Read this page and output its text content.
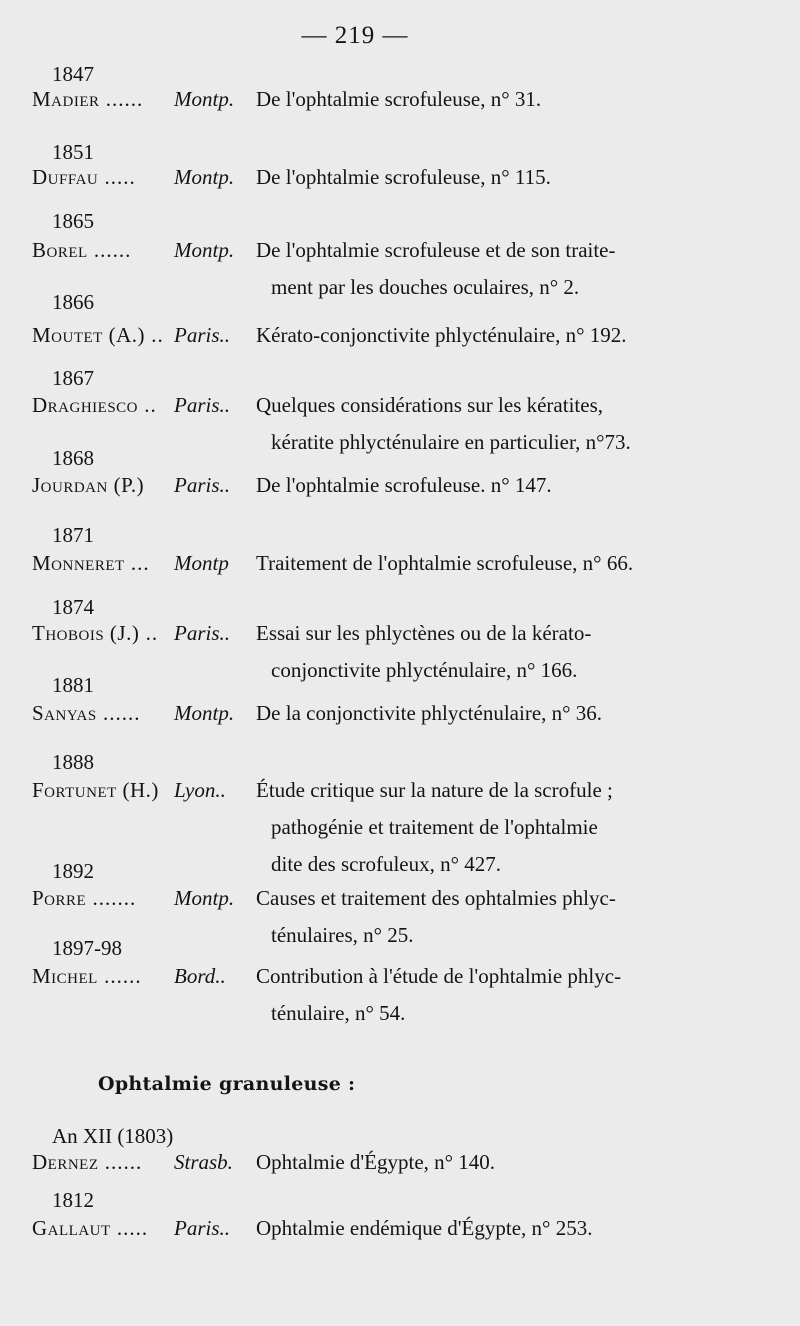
— 219 —
1847
Madier ...... Montp. De l'ophtalmie scrofuleuse, n° 31.
1851
Duffau ..... Montp. De l'ophtalmie scrofuleuse, n° 115.
1865
Borel ...... Montp. De l'ophtalmie scrofuleuse et de son traite-
ment par les douches oculaires, n° 2.
1866
Moutet (A.) .. Paris.. Kérato-conjonctivite phlycténulaire, n° 192.
1867
Draghiesco .. Paris.. Quelques considérations sur les kératites,
kératite phlycténulaire en particulier, n°73.
1868
Jourdan (P.) Paris.. De l'ophtalmie scrofuleuse. n° 147.
1871
Monneret ... Montp Traitement de l'ophtalmie scrofuleuse, n° 66.
1874
Thobois (J.) .. Paris.. Essai sur les phlyctènes ou de la kérato-
conjonctivite phlycténulaire, n° 166.
1881
Sanyas ...... Montp. De la conjonctivite phlycténulaire, n° 36.
1888
Fortunet (H.) Lyon.. Étude critique sur la nature de la scrofule ;
pathogénie et traitement de l'ophtalmie
dite des scrofuleux, n° 427.
1892
Porre ....... Montp. Causes et traitement des ophtalmies phlyc-
ténulaires, n° 25.
1897-98
Michel ...... Bord.. Contribution à l'étude de l'ophtalmie phlyc-
ténulaire, n° 54.
Ophtalmie granuleuse :
An XII (1803)
Dernez ...... Strasb. Ophtalmie d'Égypte, n° 140.
1812
Gallaut ..... Paris.. Ophtalmie endémique d'Égypte, n° 253.
